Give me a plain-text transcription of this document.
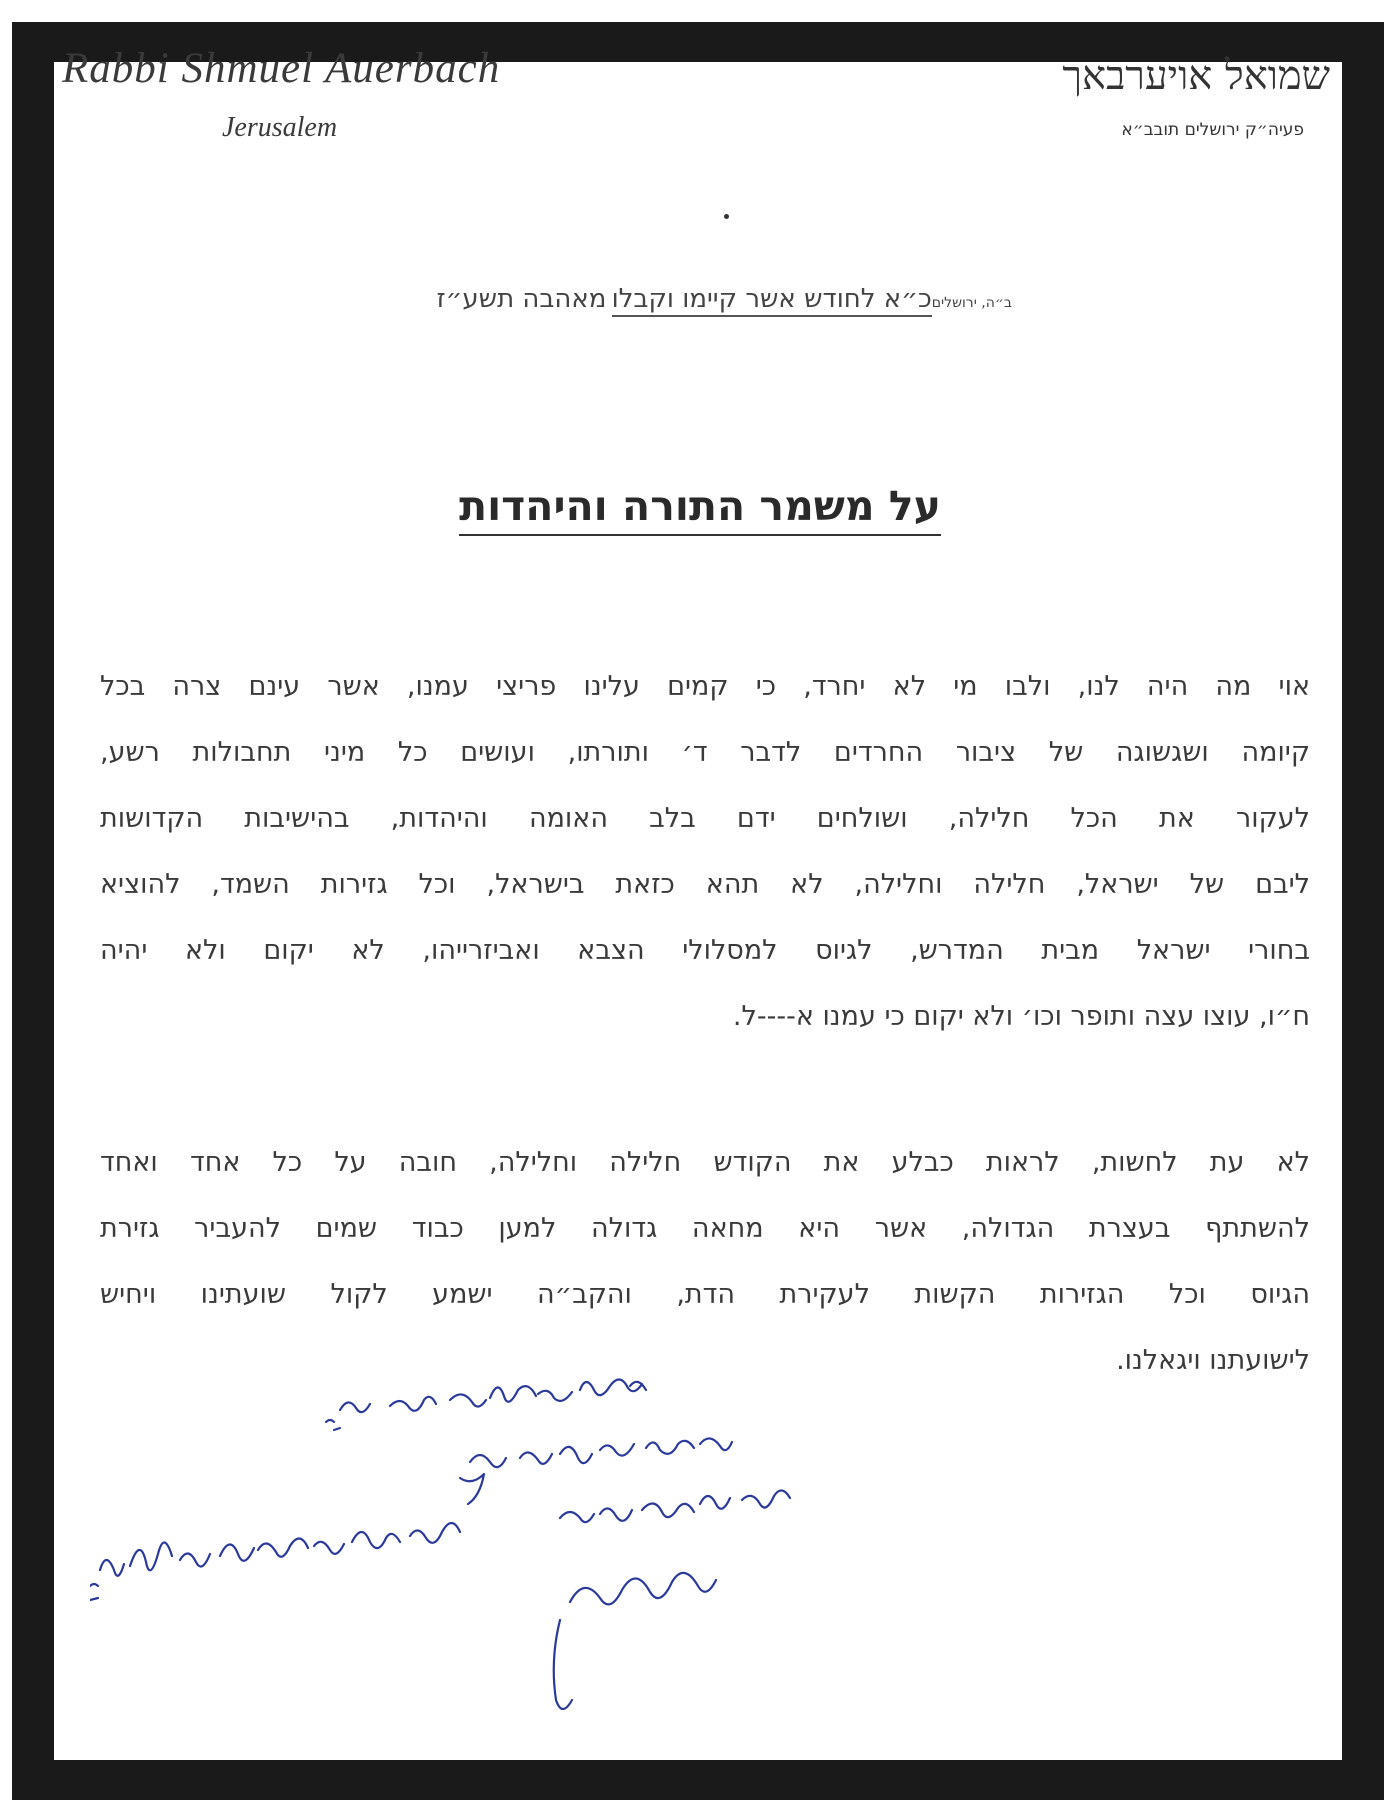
Rabbi Shmuel Auerbach
Jerusalem
שמואל אויערבאך
פעיה״ק ירושלים תובב״א
ב״ה, ירושליםכ״א לחודש אשר קיימו וקבלו מאהבה תשע״ז
על משמר התורה והיהדות
אוי מה היה לנו, ולבו מי לא יחרד, כי קמים עלינו פריצי עמנו, אשר עינם צרה בכל
קיומה ושגשוגה של ציבור החרדים לדבר ד׳ ותורתו, ועושים כל מיני תחבולות רשע,
לעקור את הכל חלילה, ושולחים ידם בלב האומה והיהדות, בהישיבות הקדושות
ליבם של ישראל, חלילה וחלילה, לא תהא כזאת בישראל, וכל גזירות השמד, להוציא
בחורי ישראל מבית המדרש, לגיוס למסלולי הצבא ואביזרייהו, לא יקום ולא יהיה
ח״ו, עוצו עצה ותופר וכו׳ ולא יקום כי עמנו א----ל.
לא עת לחשות, לראות כבלע את הקודש חלילה וחלילה, חובה על כל אחד ואחד
להשתתף בעצרת הגדולה, אשר היא מחאה גדולה למען כבוד שמים להעביר גזירת
הגיוס וכל הגזירות הקשות לעקירת הדת, והקב״ה ישמע לקול שועתינו ויחיש
לישועתנו ויגאלנו.
